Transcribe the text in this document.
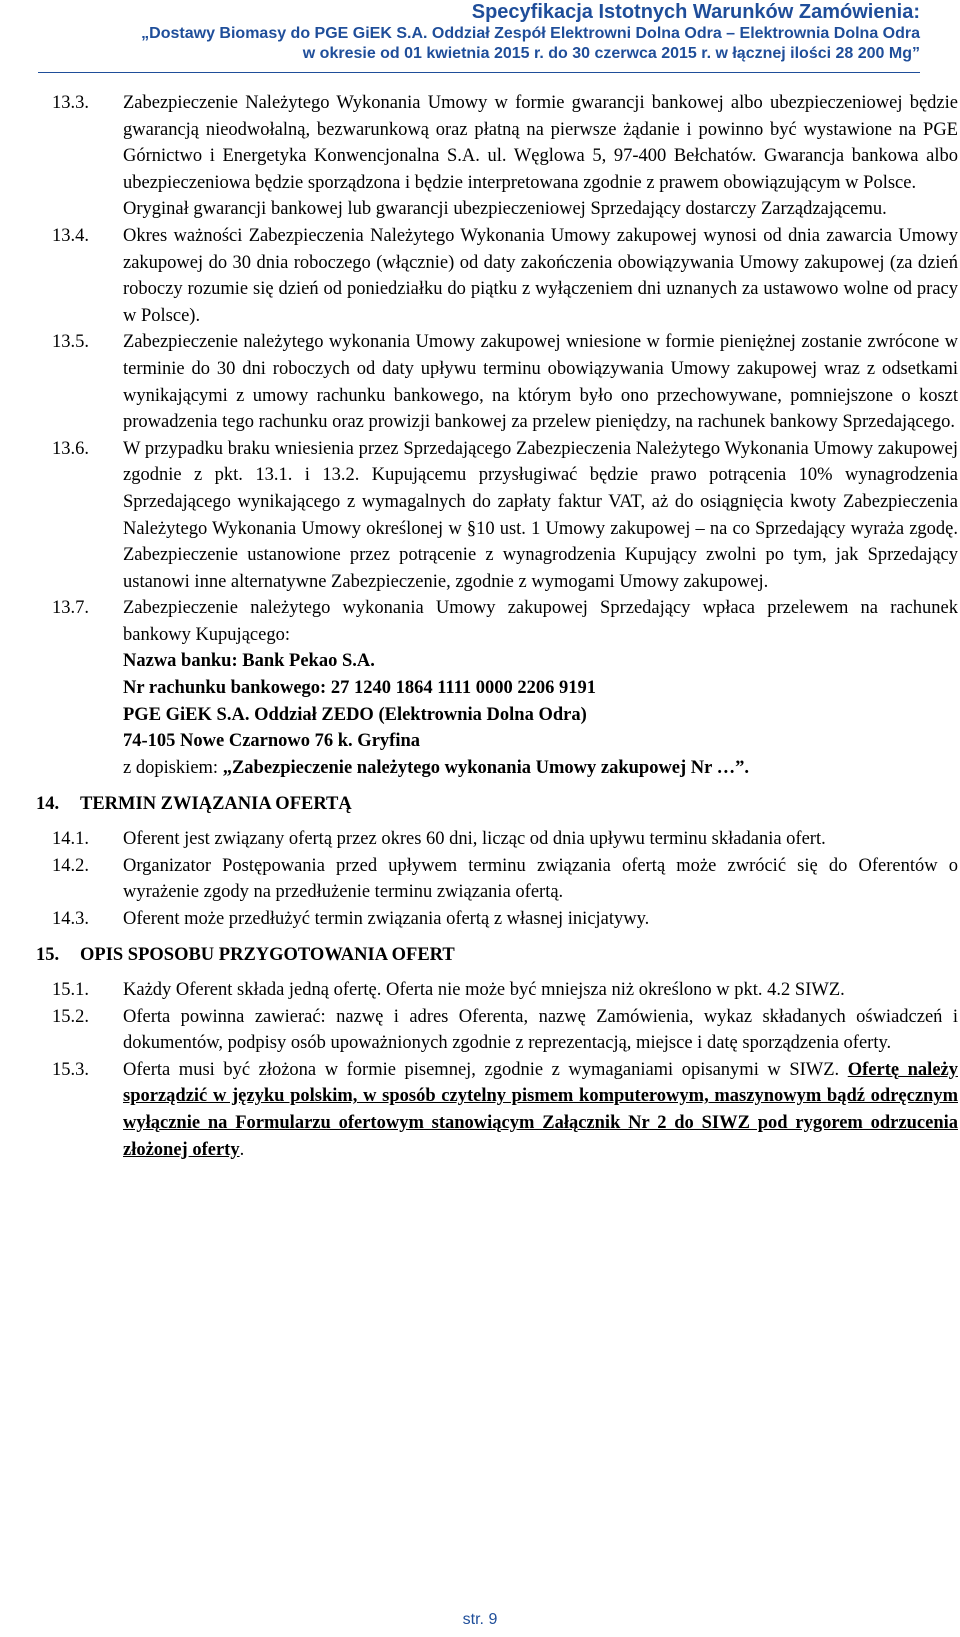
Specyfikacja Istotnych Warunków Zamówienia:
„Dostawy Biomasy do PGE GiEK S.A. Oddział Zespół Elektrowni Dolna Odra – Elektrownia Dolna Odra
w okresie od 01 kwietnia 2015 r. do 30 czerwca 2015 r. w łącznej ilości 28 200 Mg”
13.3.	Zabezpieczenie Należytego Wykonania Umowy w formie gwarancji bankowej albo ubezpieczeniowej będzie gwarancją nieodwołalną, bezwarunkową oraz płatną na pierwsze żądanie i powinno być wystawione na PGE Górnictwo i Energetyka Konwencjonalna S.A. ul. Węglowa 5, 97-400 Bełchatów. Gwarancja bankowa albo ubezpieczeniowa będzie sporządzona i będzie interpretowana zgodnie z prawem obowiązującym w Polsce.
Oryginał gwarancji bankowej lub gwarancji ubezpieczeniowej Sprzedający dostarczy Zarządzającemu.
13.4.	Okres ważności Zabezpieczenia Należytego Wykonania Umowy zakupowej wynosi od dnia zawarcia Umowy zakupowej do 30 dnia roboczego (włącznie) od daty zakończenia obowiązywania Umowy zakupowej (za dzień roboczy rozumie się dzień od poniedziałku do piątku z wyłączeniem dni uznanych za ustawowo wolne od pracy w Polsce).
13.5.	Zabezpieczenie należytego wykonania Umowy zakupowej wniesione w formie pieniężnej zostanie zwrócone w terminie do 30 dni roboczych od daty upływu terminu obowiązywania Umowy zakupowej wraz z odsetkami wynikającymi z umowy rachunku bankowego, na którym było ono przechowywane, pomniejszone o koszt prowadzenia tego rachunku oraz prowizji bankowej za przelew pieniędzy, na rachunek bankowy Sprzedającego.
13.6.	W przypadku braku wniesienia przez Sprzedającego Zabezpieczenia Należytego Wykonania Umowy zakupowej zgodnie z pkt. 13.1. i 13.2. Kupującemu przysługiwać będzie prawo potrącenia 10% wynagrodzenia Sprzedającego wynikającego z wymagalnych do zapłaty faktur VAT, aż do osiągnięcia kwoty Zabezpieczenia Należytego Wykonania Umowy określonej w §10 ust. 1 Umowy zakupowej – na co Sprzedający wyraża zgodę. Zabezpieczenie ustanowione przez potrącenie z wynagrodzenia Kupujący zwolni po tym, jak Sprzedający ustanowi inne alternatywne Zabezpieczenie, zgodnie z wymogami Umowy zakupowej.
13.7.	Zabezpieczenie należytego wykonania Umowy zakupowej Sprzedający wpłaca przelewem na rachunek bankowy Kupującego:
Nazwa banku: Bank Pekao S.A.
Nr rachunku bankowego: 27 1240 1864 1111 0000 2206 9191
PGE GiEK S.A. Oddział ZEDO (Elektrownia Dolna Odra)
74-105 Nowe Czarnowo 76 k. Gryfina
z dopiskiem: „Zabezpieczenie należytego wykonania Umowy zakupowej Nr …”.
14.	TERMIN ZWIĄZANIA OFERTĄ
14.1.	Oferent jest związany ofertą przez okres 60 dni, licząc od dnia upływu terminu składania ofert.
14.2.	Organizator Postępowania przed upływem terminu związania ofertą może zwrócić się do Oferentów o wyrażenie zgody na przedłużenie terminu związania ofertą.
14.3.	Oferent może przedłużyć termin związania ofertą z własnej inicjatywy.
15.	OPIS SPOSOBU PRZYGOTOWANIA OFERT
15.1.	Każdy Oferent składa jedną ofertę. Oferta nie może być mniejsza niż określono w pkt. 4.2 SIWZ.
15.2.	Oferta powinna zawierać: nazwę i adres Oferenta, nazwę Zamówienia, wykaz składanych oświadczeń i dokumentów, podpisy osób upoważnionych zgodnie z reprezentacją, miejsce i datę sporządzenia oferty.
15.3.	Oferta musi być złożona w formie pisemnej, zgodnie z wymaganiami opisanymi w SIWZ. Ofertę należy sporządzić w języku polskim, w sposób czytelny pismem komputerowym, maszynowym bądź odręcznym wyłącznie na Formularzu ofertowym stanowiącym Załącznik Nr 2 do SIWZ pod rygorem odrzucenia złożonej oferty.
str. 9
